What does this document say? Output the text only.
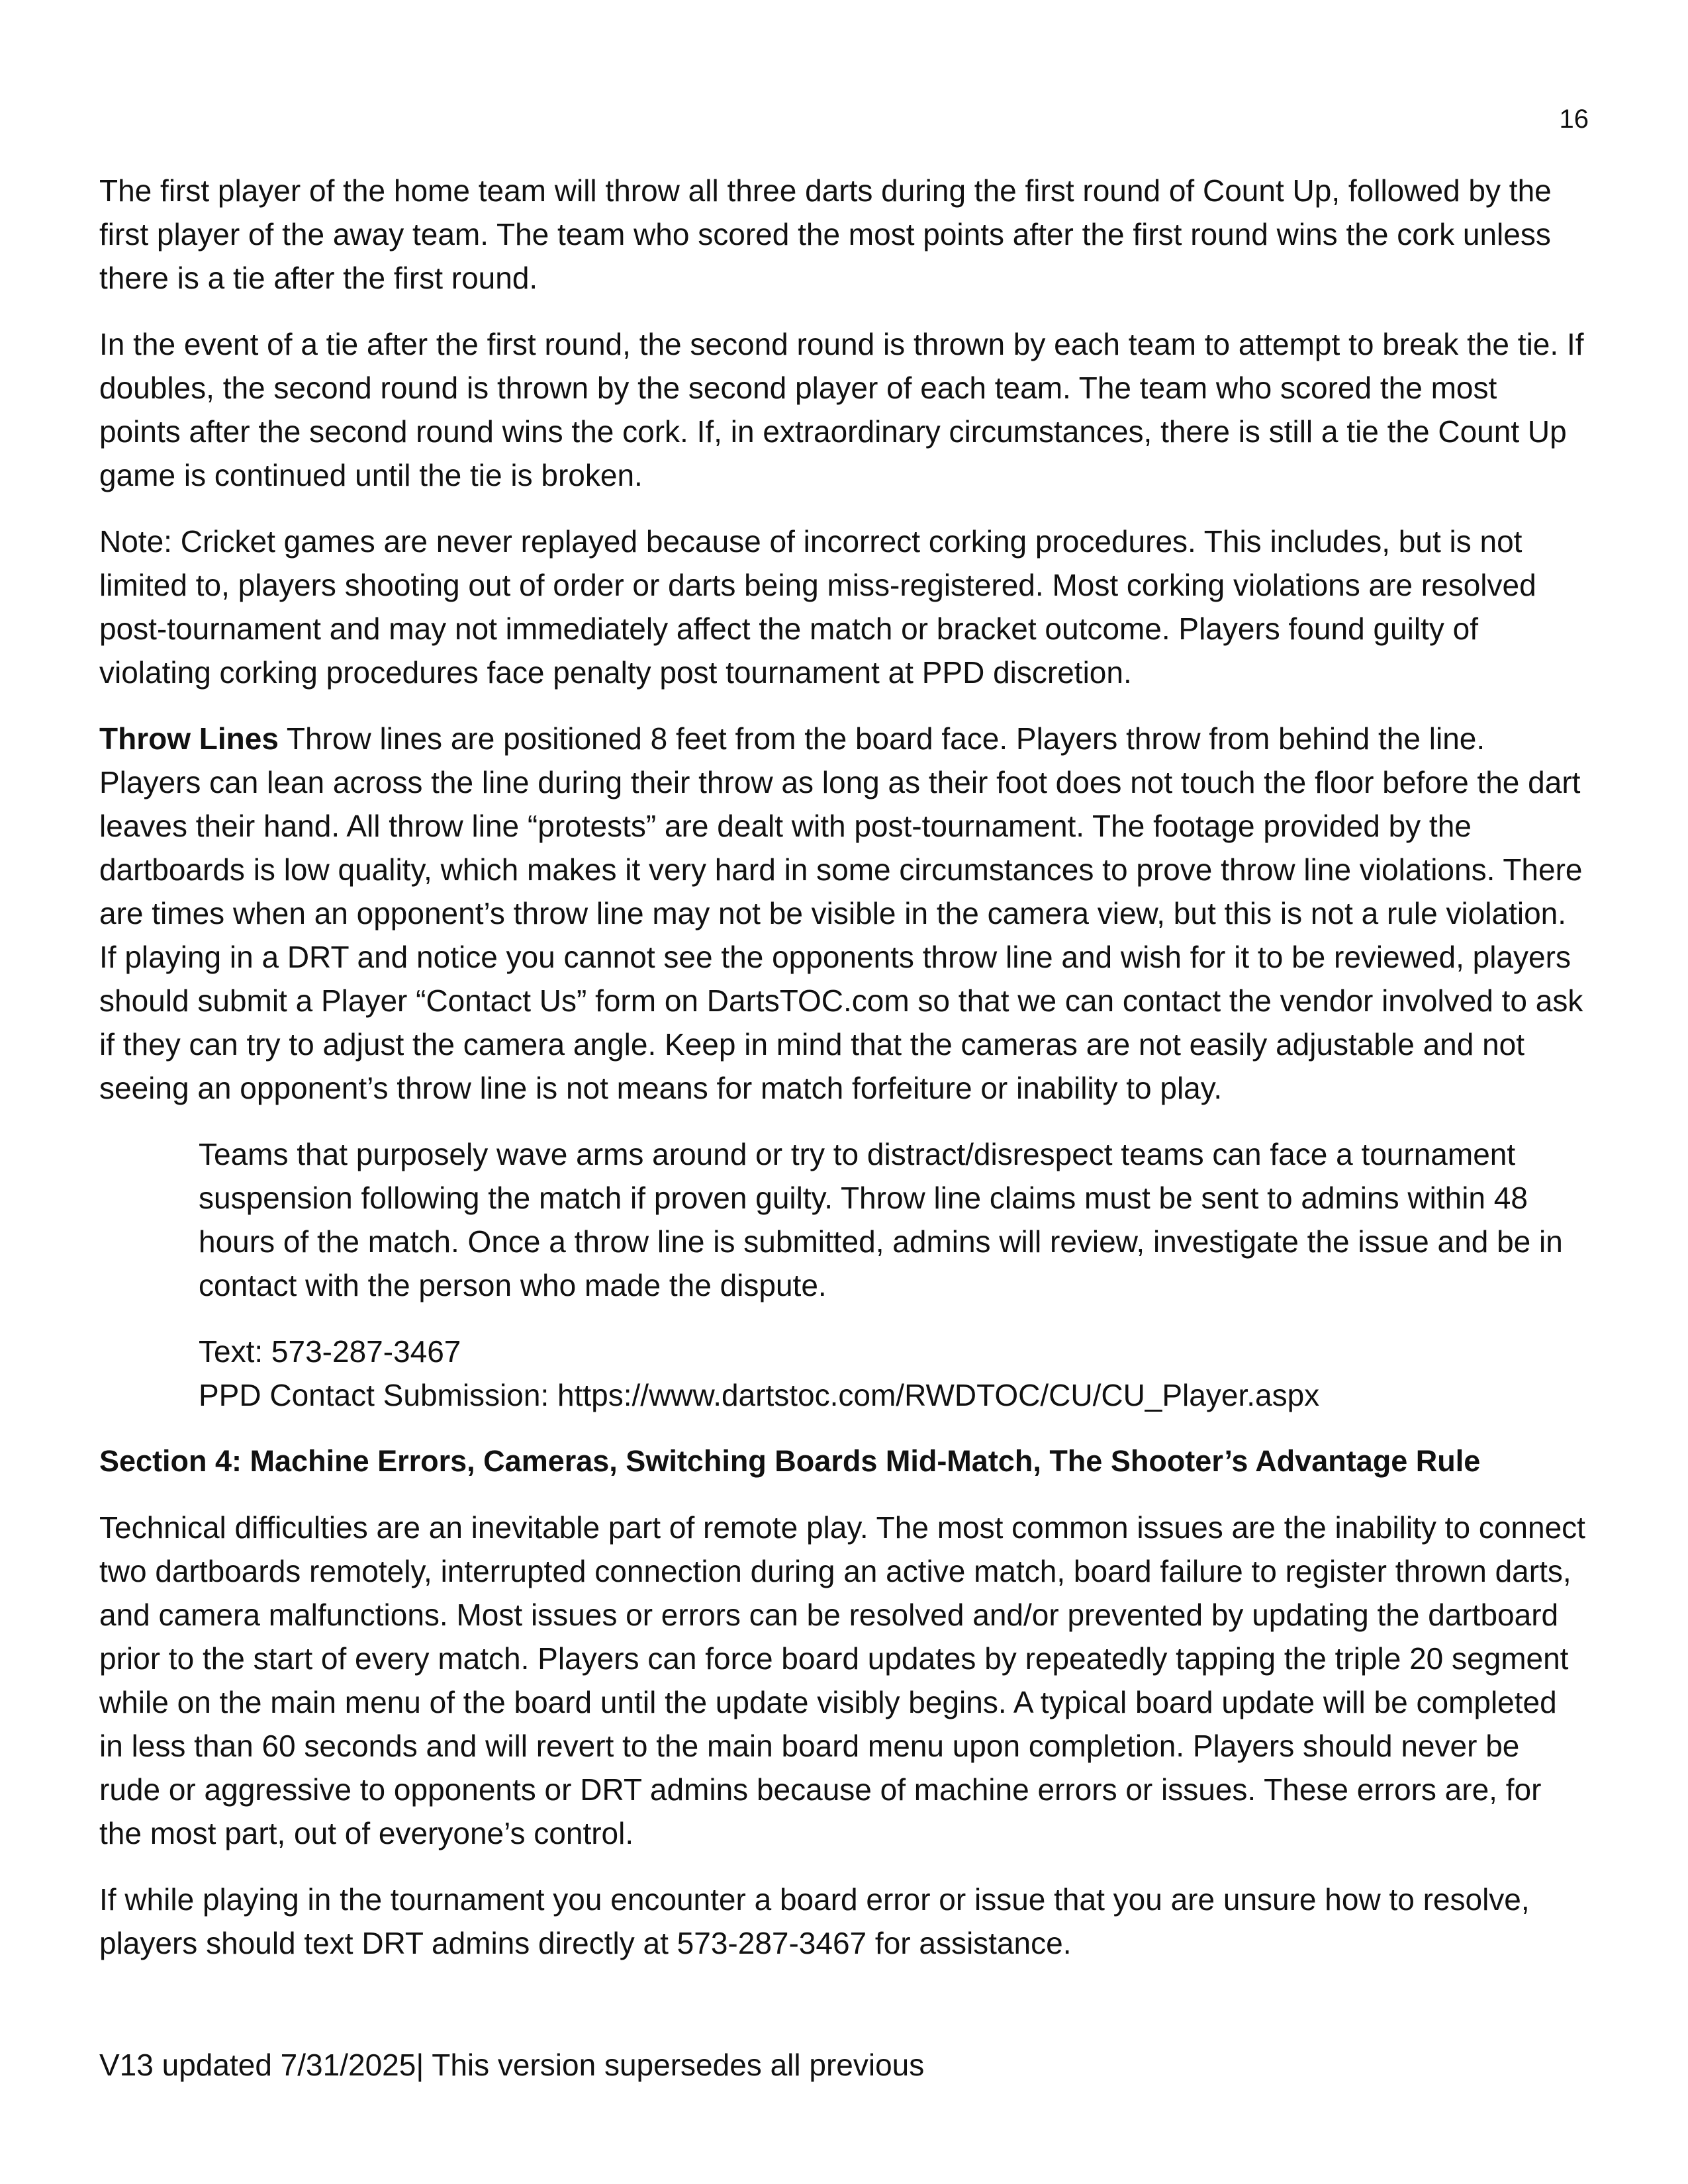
16

The first player of the home team will throw all three darts during the first round of Count Up, followed by the first player of the away team. The team who scored the most points after the first round wins the cork unless there is a tie after the first round.

In the event of a tie after the first round, the second round is thrown by each team to attempt to break the tie. If doubles, the second round is thrown by the second player of each team. The team who scored the most points after the second round wins the cork. If, in extraordinary circumstances, there is still a tie the Count Up game is continued until the tie is broken.

Note: Cricket games are never replayed because of incorrect corking procedures. This includes, but is not limited to, players shooting out of order or darts being miss-registered. Most corking violations are resolved post-tournament and may not immediately affect the match or bracket outcome. Players found guilty of violating corking procedures face penalty post tournament at PPD discretion.

Throw Lines Throw lines are positioned 8 feet from the board face. Players throw from behind the line. Players can lean across the line during their throw as long as their foot does not touch the floor before the dart leaves their hand. All throw line “protests” are dealt with post-tournament. The footage provided by the dartboards is low quality, which makes it very hard in some circumstances to prove throw line violations. There are times when an opponent’s throw line may not be visible in the camera view, but this is not a rule violation. If playing in a DRT and notice you cannot see the opponents throw line and wish for it to be reviewed, players should submit a Player “Contact Us” form on DartsTOC.com so that we can contact the vendor involved to ask if they can try to adjust the camera angle. Keep in mind that the cameras are not easily adjustable and not seeing an opponent’s throw line is not means for match forfeiture or inability to play.

Teams that purposely wave arms around or try to distract/disrespect teams can face a tournament suspension following the match if proven guilty. Throw line claims must be sent to admins within 48 hours of the match. Once a throw line is submitted, admins will review, investigate the issue and be in contact with the person who made the dispute.

Text: 573-287-3467

PPD Contact Submission: https://www.dartstoc.com/RWDTOC/CU/CU_Player.aspx

Section 4: Machine Errors, Cameras, Switching Boards Mid-Match, The Shooter’s Advantage Rule

Technical difficulties are an inevitable part of remote play. The most common issues are the inability to connect two dartboards remotely, interrupted connection during an active match, board failure to register thrown darts, and camera malfunctions. Most issues or errors can be resolved and/or prevented by updating the dartboard prior to the start of every match. Players can force board updates by repeatedly tapping the triple 20 segment while on the main menu of the board until the update visibly begins. A typical board update will be completed in less than 60 seconds and will revert to the main board menu upon completion. Players should never be rude or aggressive to opponents or DRT admins because of machine errors or issues. These errors are, for the most part, out of everyone’s control.

If while playing in the tournament you encounter a board error or issue that you are unsure how to resolve, players should text DRT admins directly at 573-287-3467 for assistance.

V13 updated 7/31/2025| This version supersedes all previous
